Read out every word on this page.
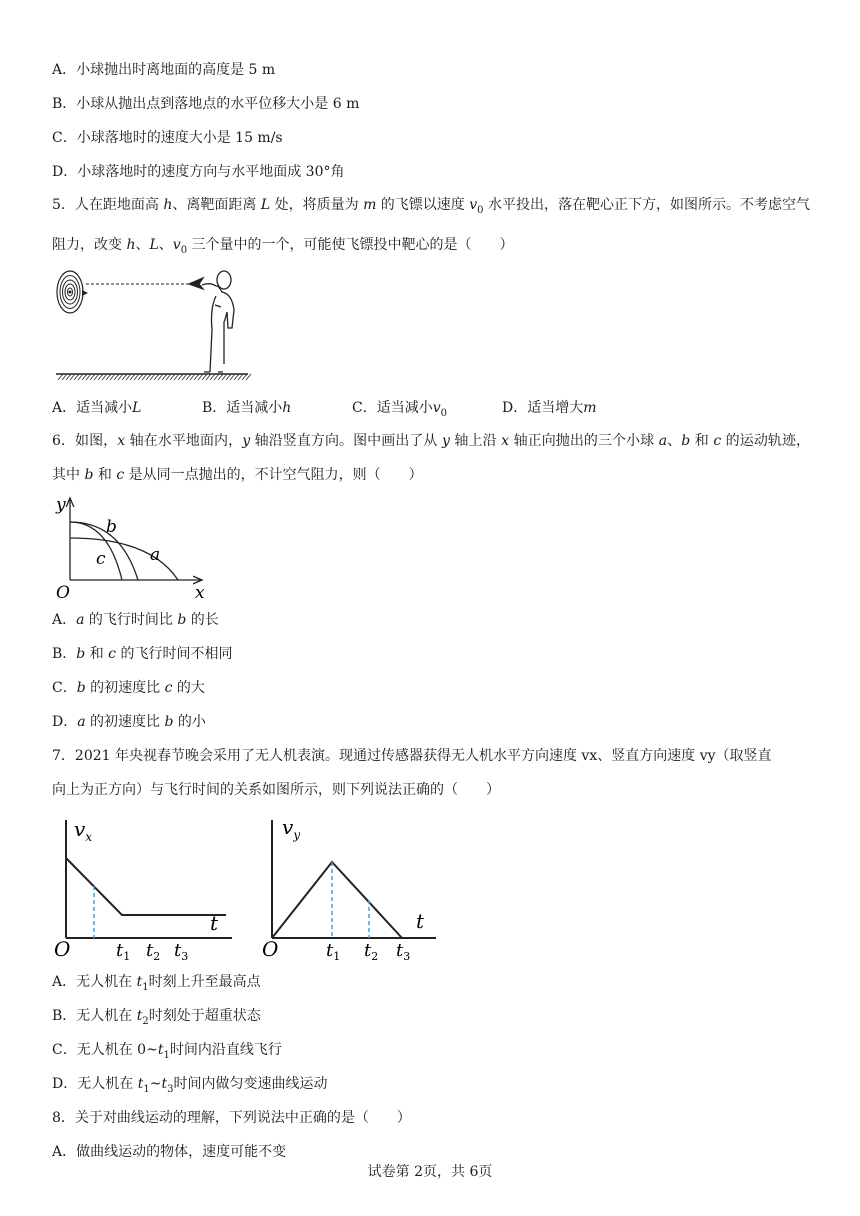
A．小球抛出时离地面的高度是 5 m
B．小球从抛出点到落地点的水平位移大小是 6 m
C．小球落地时的速度大小是 15 m/s
D．小球落地时的速度方向与水平地面成 30°角
5．人在距地面高 h、离靶面距离 L 处，将质量为 m 的飞镖以速度 $v_0$ 水平投出，落在靶心正下方，如图所示。不考虑空气阻力，改变 h、L、$v_0$ 三个量中的一个，可能使飞镖投中靶心的是（　　）
A．适当减小L	B．适当减小h	C．适当减小$v_0$	D．适当增大m
6．如图，x 轴在水平地面内，y 轴沿竖直方向。图中画出了从 y 轴上沿 x 轴正向抛出的三个小球 a、b 和 c 的运动轨迹，其中 b 和 c 是从同一点抛出的，不计空气阻力，则（　　）
y
x
O
b
c	a
A．a 的飞行时间比 b 的长
B．b 和 c 的飞行时间不相同
C．b 的初速度比 c 的大
D．a 的初速度比 b 的小
7．2021 年央视春节晚会采用了无人机表演。现通过传感器获得无人机水平方向速度 vx、竖直方向速度 vy（取竖直
向上为正方向）与飞行时间的关系如图所示，则下列说法正确的（　　）
$v_x$
t
O	$t_1$ $t_2$ $t_3$
$v_y$
t
O	$t_1$ $t_2$ $t_3$
A．无人机在 $t_1$时刻上升至最高点
B．无人机在 $t_2$时刻处于超重状态
C．无人机在 $0\sim t_1$时间内沿直线飞行
D．无人机在 $t_1\sim t_3$时间内做匀变速曲线运动
8．关于对曲线运动的理解，下列说法中正确的是（　　）
A．做曲线运动的物体，速度可能不变
试卷第 2页，共 6页
